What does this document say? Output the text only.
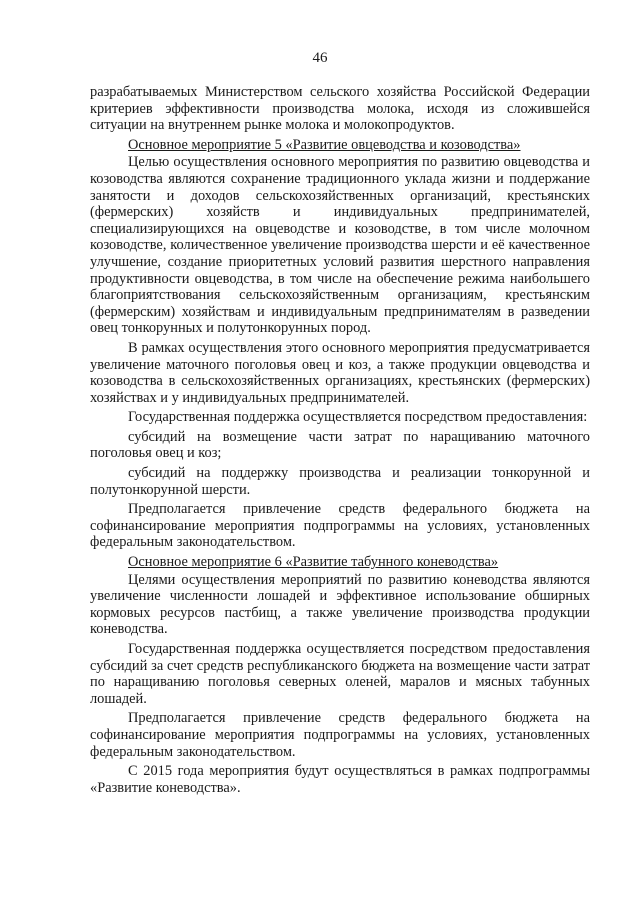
46

разрабатываемых Министерством сельского хозяйства Российской Федерации критериев эффективности производства молока, исходя из сложившейся ситуации на внутреннем рынке молока и молокопродуктов.

Основное мероприятие 5 «Развитие овцеводства и козоводства»

Целью осуществления основного мероприятия по развитию овцеводства и козоводства являются сохранение традиционного уклада жизни и поддержание занятости и доходов сельскохозяйственных организаций, крестьянских (фермерских) хозяйств и индивидуальных предпринимателей, специализирующихся на овцеводстве и козоводстве, в том числе молочном козоводстве, количественное увеличение производства шерсти и её качественное улучшение, создание приоритетных условий развития шерстного направления продуктивности овцеводства, в том числе на обеспечение режима наибольшего благоприятствования сельскохозяйственным организациям, крестьянским (фермерским) хозяйствам и индивидуальным предпринимателям в разведении овец тонкорунных и полутонкорунных пород.

В рамках осуществления этого основного мероприятия предусматривается увеличение маточного поголовья овец и коз, а также продукции овцеводства и козоводства в сельскохозяйственных организациях, крестьянских (фермерских) хозяйствах и у индивидуальных предпринимателей.

Государственная поддержка осуществляется посредством предоставления:

субсидий на возмещение части затрат по наращиванию маточного поголовья овец и коз;

субсидий на поддержку производства и реализации тонкорунной и полутонкорунной шерсти.

Предполагается привлечение средств федерального бюджета на софинансирование мероприятия подпрограммы на условиях, установленных федеральным законодательством.

Основное мероприятие 6 «Развитие табунного коневодства»

Целями осуществления мероприятий по развитию коневодства являются увеличение численности лошадей и эффективное использование обширных кормовых ресурсов пастбищ, а также увеличение производства продукции коневодства.

Государственная поддержка осуществляется посредством предоставления субсидий за счет средств республиканского бюджета на возмещение части затрат по наращиванию поголовья северных оленей, маралов и мясных табунных лошадей.

Предполагается привлечение средств федерального бюджета на софинансирование мероприятия подпрограммы на условиях, установленных федеральным законодательством.

С 2015 года мероприятия будут осуществляться в рамках подпрограммы «Развитие коневодства».
